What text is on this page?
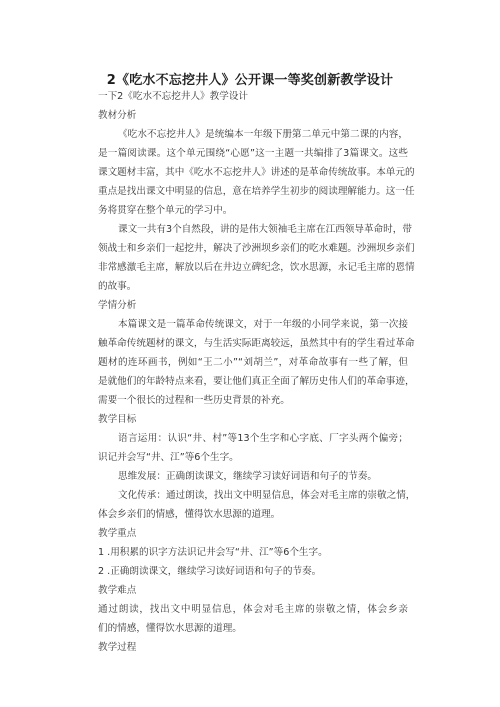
2《吃水不忘挖井人》公开课一等奖创新教学设计
一下2《吃水不忘挖井人》教学设计
教材分析
《吃水不忘挖井人》是统编本一年级下册第二单元中第二课的内容，
是一篇阅读课。这个单元围绕“心愿”这一主题一共编排了3篇课文。这些
课文题材丰富，其中《吃水不忘挖井人》讲述的是革命传统故事。本单元的
重点是找出课文中明显的信息，意在培养学生初步的阅读理解能力。这一任
务将贯穿在整个单元的学习中。
课文一共有3个自然段，讲的是伟大领袖毛主席在江西领导革命时，带
领战士和乡亲们一起挖井，解决了沙洲坝乡亲们的吃水难题。沙洲坝乡亲们
非常感激毛主席，解放以后在井边立碑纪念，饮水思源，永记毛主席的恩情
的故事。
学情分析
本篇课文是一篇革命传统课文，对于一年级的小同学来说，第一次接
触革命传统题材的课文，与生活实际距离较远，虽然其中有的学生看过革命
题材的连环画书，例如“王二小”“刘胡兰”，对革命故事有一些了解，但
是就他们的年龄特点来看，要让他们真正全面了解历史伟人们的革命事迹，
需要一个很长的过程和一些历史背景的补充。
教学目标
语言运用：认识“井、村”等13个生字和心字底、厂字头两个偏旁；
识记并会写“井、江”等6个生字。
思维发展：正确朗读课文，继续学习读好词语和句子的节奏。
文化传承：通过朗读，找出文中明显信息，体会对毛主席的崇敬之情，
体会乡亲们的情感，懂得饮水思源的道理。
教学重点
1 .用积累的识字方法识记井会写“井、江”等6个生字。
2 .正确朗读课文，继续学习读好词语和句子的节奏。
教学难点
通过朗读，找出文中明显信息，体会对毛主席的崇敬之情，体会乡亲
们的情感，懂得饮水思源的道理。
教学过程
